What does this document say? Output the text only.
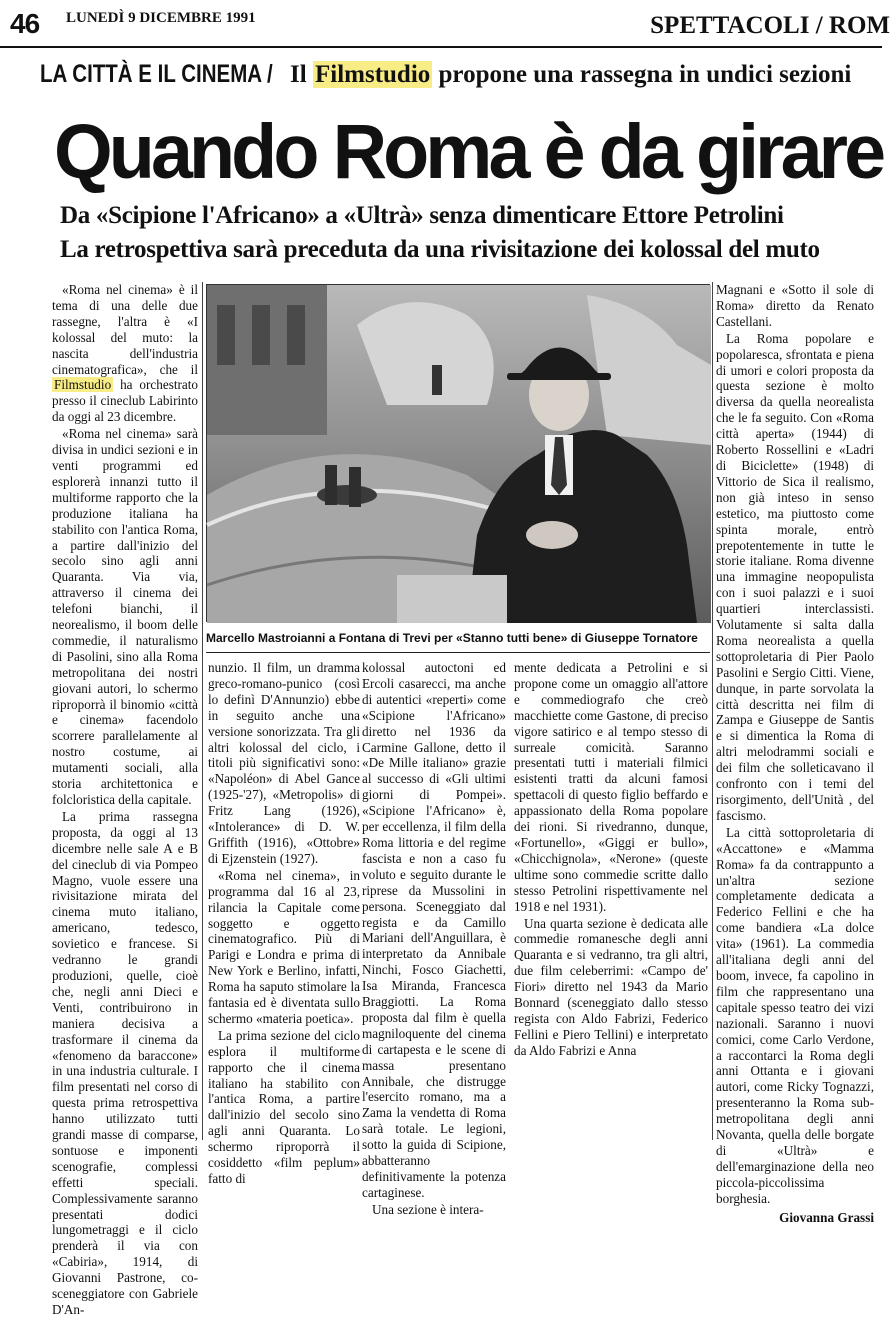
46 LUNEDÌ 9 DICEMBRE 1991	SPETTACOLI / ROM
LA CITTÀ E IL CINEMA / Il Filmstudio propone una rassegna in undici sezioni
Quando Roma è da girare
Da «Scipione l'Africano» a «Ultrà» senza dimenticare Ettore Petrolini
La retrospettiva sarà preceduta da una rivisitazione dei kolossal del muto

«Roma nel cinema» è il tema di una delle due rassegne, l'altra è «I kolossal del muto: la nascita dell'industria cinematografica», che il Filmstudio ha orchestrato presso il cineclub Labirinto da oggi al 23 dicembre.

«Roma nel cinema» sarà divisa in undici sezioni e in venti programmi ed esplorerà innanzi tutto il multiforme rapporto che la produzione italiana ha stabilito con l'antica Roma, a partire dall'inizio del secolo sino agli anni Quaranta. Via via, attraverso il cinema dei telefoni bianchi, il neorealismo, il boom delle commedie, il naturalismo di Pasolini, sino alla Roma metropolitana dei nostri giovani autori, lo schermo riproporrà il binomio «città e cinema» facendolo scorrere parallelamente al nostro costume, ai mutamenti sociali, alla storia architettonica e folcloristica della capitale.

La prima rassegna proposta, da oggi al 13 dicembre nelle sale A e B del cineclub di via Pompeo Magno, vuole essere una rivisitazione mirata del cinema muto italiano, americano, tedesco, sovietico e francese. Si vedranno le grandi produzioni, quelle, cioè che, negli anni Dieci e Venti, contribuirono in maniera decisiva a trasformare il cinema da «fenomeno da baraccone» in una industria culturale. I film presentati nel corso di questa prima retrospettiva hanno utilizzato tutti grandi masse di comparse, sontuose e imponenti scenografie, complessi effetti speciali. Complessivamente saranno presentati dodici lungometraggi e il ciclo prenderà il via con «Cabiria», 1914, di Giovanni Pastrone, co-sceneggiatore con Gabriele D'An-

Marcello Mastroianni a Fontana di Trevi per «Stanno tutti bene» di Giuseppe Tornatore

nunzio. Il film, un dramma greco-romano-punico (così lo definì D'Annunzio) ebbe in seguito anche una versione sonorizzata. Tra gli altri kolossal del ciclo, i titoli più significativi sono: «Napoléon» di Abel Gance (1925-'27), «Metropolis» di Fritz Lang (1926), «Intolerance» di D. W. Griffith (1916), «Ottobre» di Ejzenstein (1927).

«Roma nel cinema», in programma dal 16 al 23, rilancia la Capitale come soggetto e oggetto cinematografico. Più di Parigi e Londra e prima di New York e Berlino, infatti, Roma ha saputo stimolare la fantasia ed è diventata sullo schermo «materia poetica».

La prima sezione del ciclo esplora il multiforme rapporto che il cinema italiano ha stabilito con l'antica Roma, a partire dall'inizio del secolo sino agli anni Quaranta. Lo schermo riproporrà il cosiddetto «film peplum» fatto di

kolossal autoctoni ed Ercoli casarecci, ma anche di autentici «reperti» come «Scipione l'Africano» diretto nel 1936 da Carmine Gallone, detto il «De Mille italiano» grazie al successo di «Gli ultimi giorni di Pompei». «Scipione l'Africano» è, per eccellenza, il film della Roma littoria e del regime fascista e non a caso fu voluto e seguito durante le riprese da Mussolini in persona. Sceneggiato dal regista e da Camillo Mariani dell'Anguillara, è interpretato da Annibale Ninchi, Fosco Giachetti, Isa Miranda, Francesca Braggiotti. La Roma proposta dal film è quella magniloquente del cinema di cartapesta e le scene di massa presentano Annibale, che distrugge l'esercito romano, ma a Zama la vendetta di Roma sarà totale. Le legioni, sotto la guida di Scipione, abbatteranno definitivamente la potenza cartaginese.

Una sezione è intera-

mente dedicata a Petrolini e si propone come un omaggio all'attore e commediografo che creò macchiette come Gastone, di preciso vigore satirico e al tempo stesso di surreale comicità. Saranno presentati tutti i materiali filmici esistenti tratti da alcuni famosi spettacoli di questo figlio beffardo e appassionato della Roma popolare dei rioni. Si rivedranno, dunque, «Fortunello», «Giggi er bullo», «Chicchignola», «Nerone» (queste ultime sono commedie scritte dallo stesso Petrolini rispettivamente nel 1918 e nel 1931).

Una quarta sezione è dedicata alle commedie romanesche degli anni Quaranta e si vedranno, tra gli altri, due film celeberrimi: «Campo de' Fiori» diretto nel 1943 da Mario Bonnard (sceneggiato dallo stesso regista con Aldo Fabrizi, Federico Fellini e Piero Tellini) e interpretato da Aldo Fabrizi e Anna

Magnani e «Sotto il sole di Roma» diretto da Renato Castellani.

La Roma popolare e popolaresca, sfrontata e piena di umori e colori proposta da questa sezione è molto diversa da quella neorealista che le fa seguito. Con «Roma città aperta» (1944) di Roberto Rossellini e «Ladri di Biciclette» (1948) di Vittorio de Sica il realismo, non già inteso in senso estetico, ma piuttosto come spinta morale, entrò prepotentemente in tutte le storie italiane. Roma divenne una immagine neopopulista con i suoi palazzi e i suoi quartieri interclassisti. Volutamente si salta dalla Roma neorealista a quella sottoproletaria di Pier Paolo Pasolini e Sergio Citti. Viene, dunque, in parte sorvolata la città descritta nei film di Zampa e Giuseppe de Santis e si dimentica la Roma di altri melodrammi sociali e dei film che solleticavano il confronto con i temi del risorgimento, dell'Unità , del fascismo.

La città sottoproletaria di «Accattone» e «Mamma Roma» fa da contrappunto a un'altra sezione completamente dedicata a Federico Fellini e che ha come bandiera «La dolce vita» (1961). La commedia all'italiana degli anni del boom, invece, fa capolino in film che rappresentano una capitale spesso teatro dei vizi nazionali. Saranno i nuovi comici, come Carlo Verdone, a raccontarci la Roma degli anni Ottanta e i giovani autori, come Ricky Tognazzi, presenteranno la Roma sub-metropolitana degli anni Novanta, quella delle borgate di «Ultrà» e dell'emarginazione della neo piccola-piccolissima borghesia.

Giovanna Grassi
